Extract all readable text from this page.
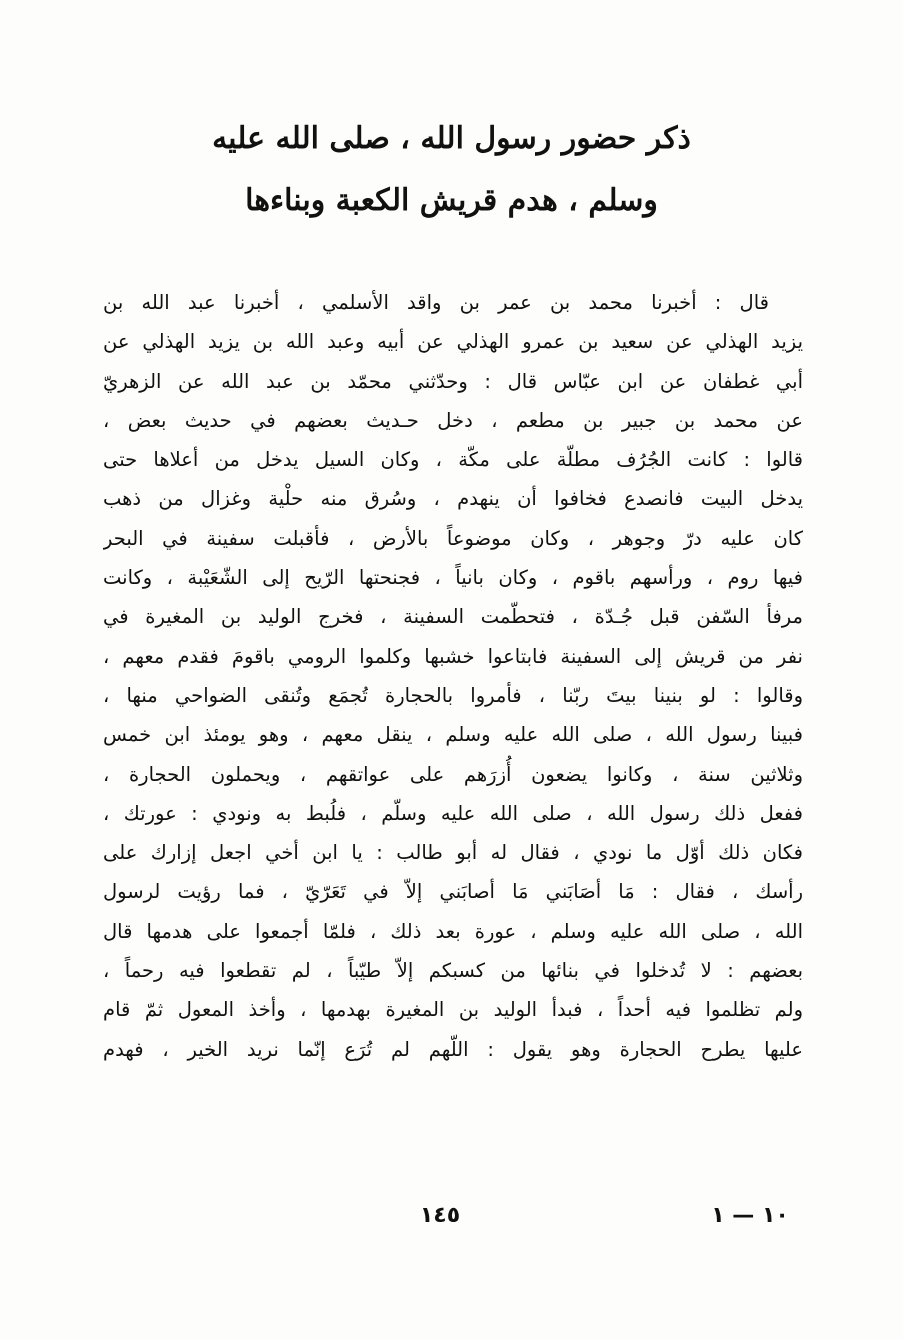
ذكر حضور رسول الله ، صلى الله عليه
وسلم ، هدم قريش الكعبة وبناءها
قال : أخبرنا محمد بن عمر بن واقد الأسلمي ، أخبرنا عبد الله بن
يزيد الهذلي عن سعيد بن عمرو الهذلي عن أبيه وعبد الله بن يزيد الهذلي عن
أبي غطفان عن ابن عبّاس قال : وحدّثني محمّد بن عبد الله عن الزهريّ
عن محمد بن جبير بن مطعم ، دخل حـديث بعضهم في حديث بعض ،
قالوا : كانت الجُرُف مطلّة على مكّة ، وكان السيل يدخل من أعلاها حتى
يدخل البيت فانصدع فخافوا أن ينهدم ، وسُرق منه حلْية وغزال من ذهب
كان عليه درّ وجوهر ، وكان موضوعاً بالأرض ، فأقبلت سفينة في البحر
فيها روم ، ورأسهم باقوم ، وكان بانياً ، فجنحتها الرّيح إلى الشّعَيْبة ، وكانت
مرفأ السّفن قبل جُـدّة ، فتحطّمت السفينة ، فخرج الوليد بن المغيرة في
نفر من قريش إلى السفينة فابتاعوا خشبها وكلموا الرومي باقومَ فقدم معهم ،
وقالوا : لو بنينا بيتَ ربّنا ، فأمروا بالحجارة تُجمَع وتُنقى الضواحي منها ،
فبينا رسول الله ، صلى الله عليه وسلم ، ينقل معهم ، وهو يومئذ ابن خمس
وثلاثين سنة ، وكانوا يضعون أُزرَهم على عواتقهم ، ويحملون الحجارة ،
ففعل ذلك رسول الله ، صلى الله عليه وسلّم ، فلُبط به ونودي : عورتك ،
فكان ذلك أوّل ما نودي ، فقال له أبو طالب : يا ابن أخي اجعل إزارك على
رأسك ، فقال : مَا أصَابَني مَا أصابَني إلاّ في تَعَرّيّ ، فما رؤيت لرسول
الله ، صلى الله عليه وسلم ، عورة بعد ذلك ، فلمّا أجمعوا على هدمها قال
بعضهم : لا تُدخلوا في بنائها من كسبكم إلاّ طيّباً ، لم تقطعوا فيه رحماً ،
ولم تظلموا فيه أحداً ، فبدأ الوليد بن المغيرة بهدمها ، وأخذ المعول ثمّ قام
عليها يطرح الحجارة وهو يقول : اللّهم لم تُرَع إنّما نريد الخير ، فهدم
١٤٥	١٠ — ١
